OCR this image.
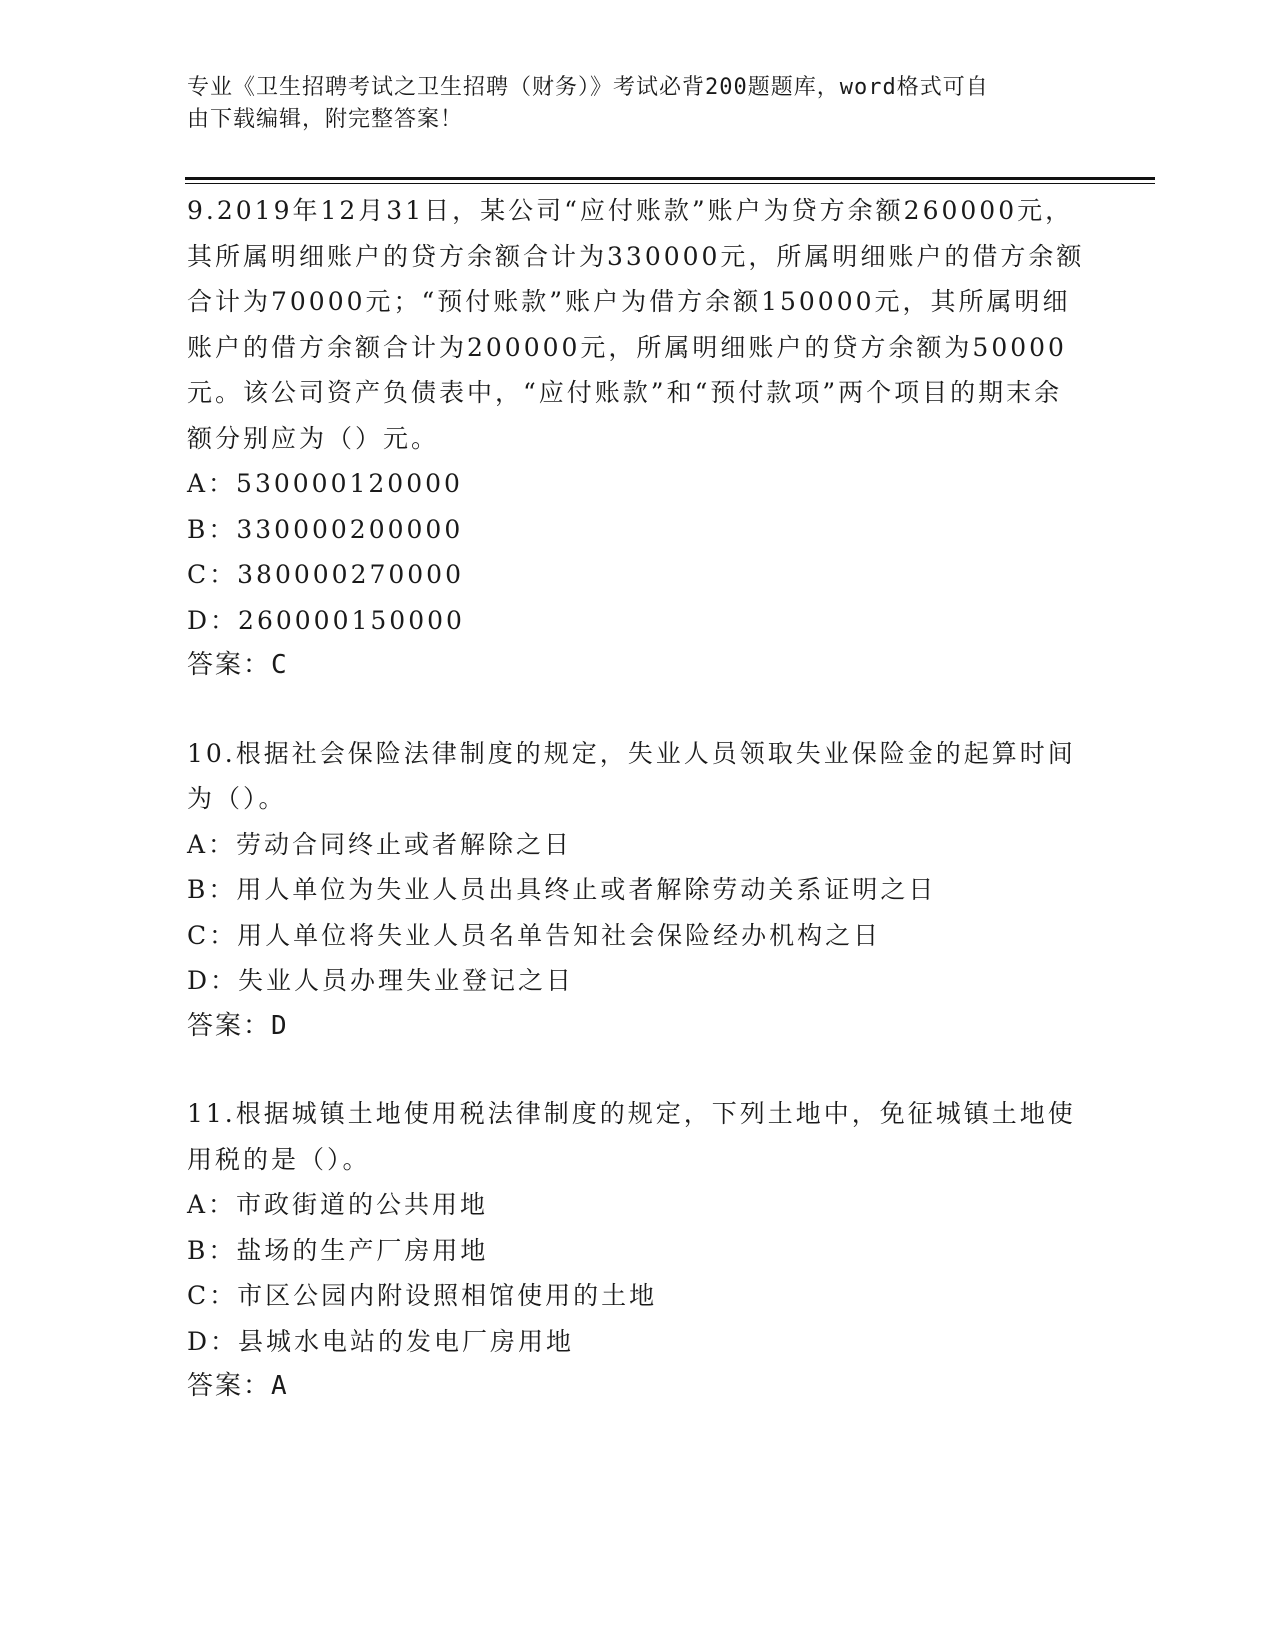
专业《卫生招聘考试之卫生招聘（财务）》考试必背200题题库，word格式可自
由下载编辑，附完整答案！

9.2019年12月31日，某公司“应付账款”账户为贷方余额260000元，其所属明细账户的贷方余额合计为330000元，所属明细账户的借方余额合计为70000元；“预付账款”账户为借方余额150000元，其所属明细账户的借方余额合计为200000元，所属明细账户的贷方余额为50000元。该公司资产负债表中，“应付账款”和“预付款项”两个项目的期末余额分别应为（）元。

A：530000120000

B：330000200000

C：380000270000

D：260000150000

答案：C

10.根据社会保险法律制度的规定，失业人员领取失业保险金的起算时间为（）。

A：劳动合同终止或者解除之日

B：用人单位为失业人员出具终止或者解除劳动关系证明之日

C：用人单位将失业人员名单告知社会保险经办机构之日

D：失业人员办理失业登记之日

答案：D

11.根据城镇土地使用税法律制度的规定，下列土地中，免征城镇土地使用税的是（）。

A：市政街道的公共用地

B：盐场的生产厂房用地

C：市区公园内附设照相馆使用的土地

D：县城水电站的发电厂房用地

答案：A
